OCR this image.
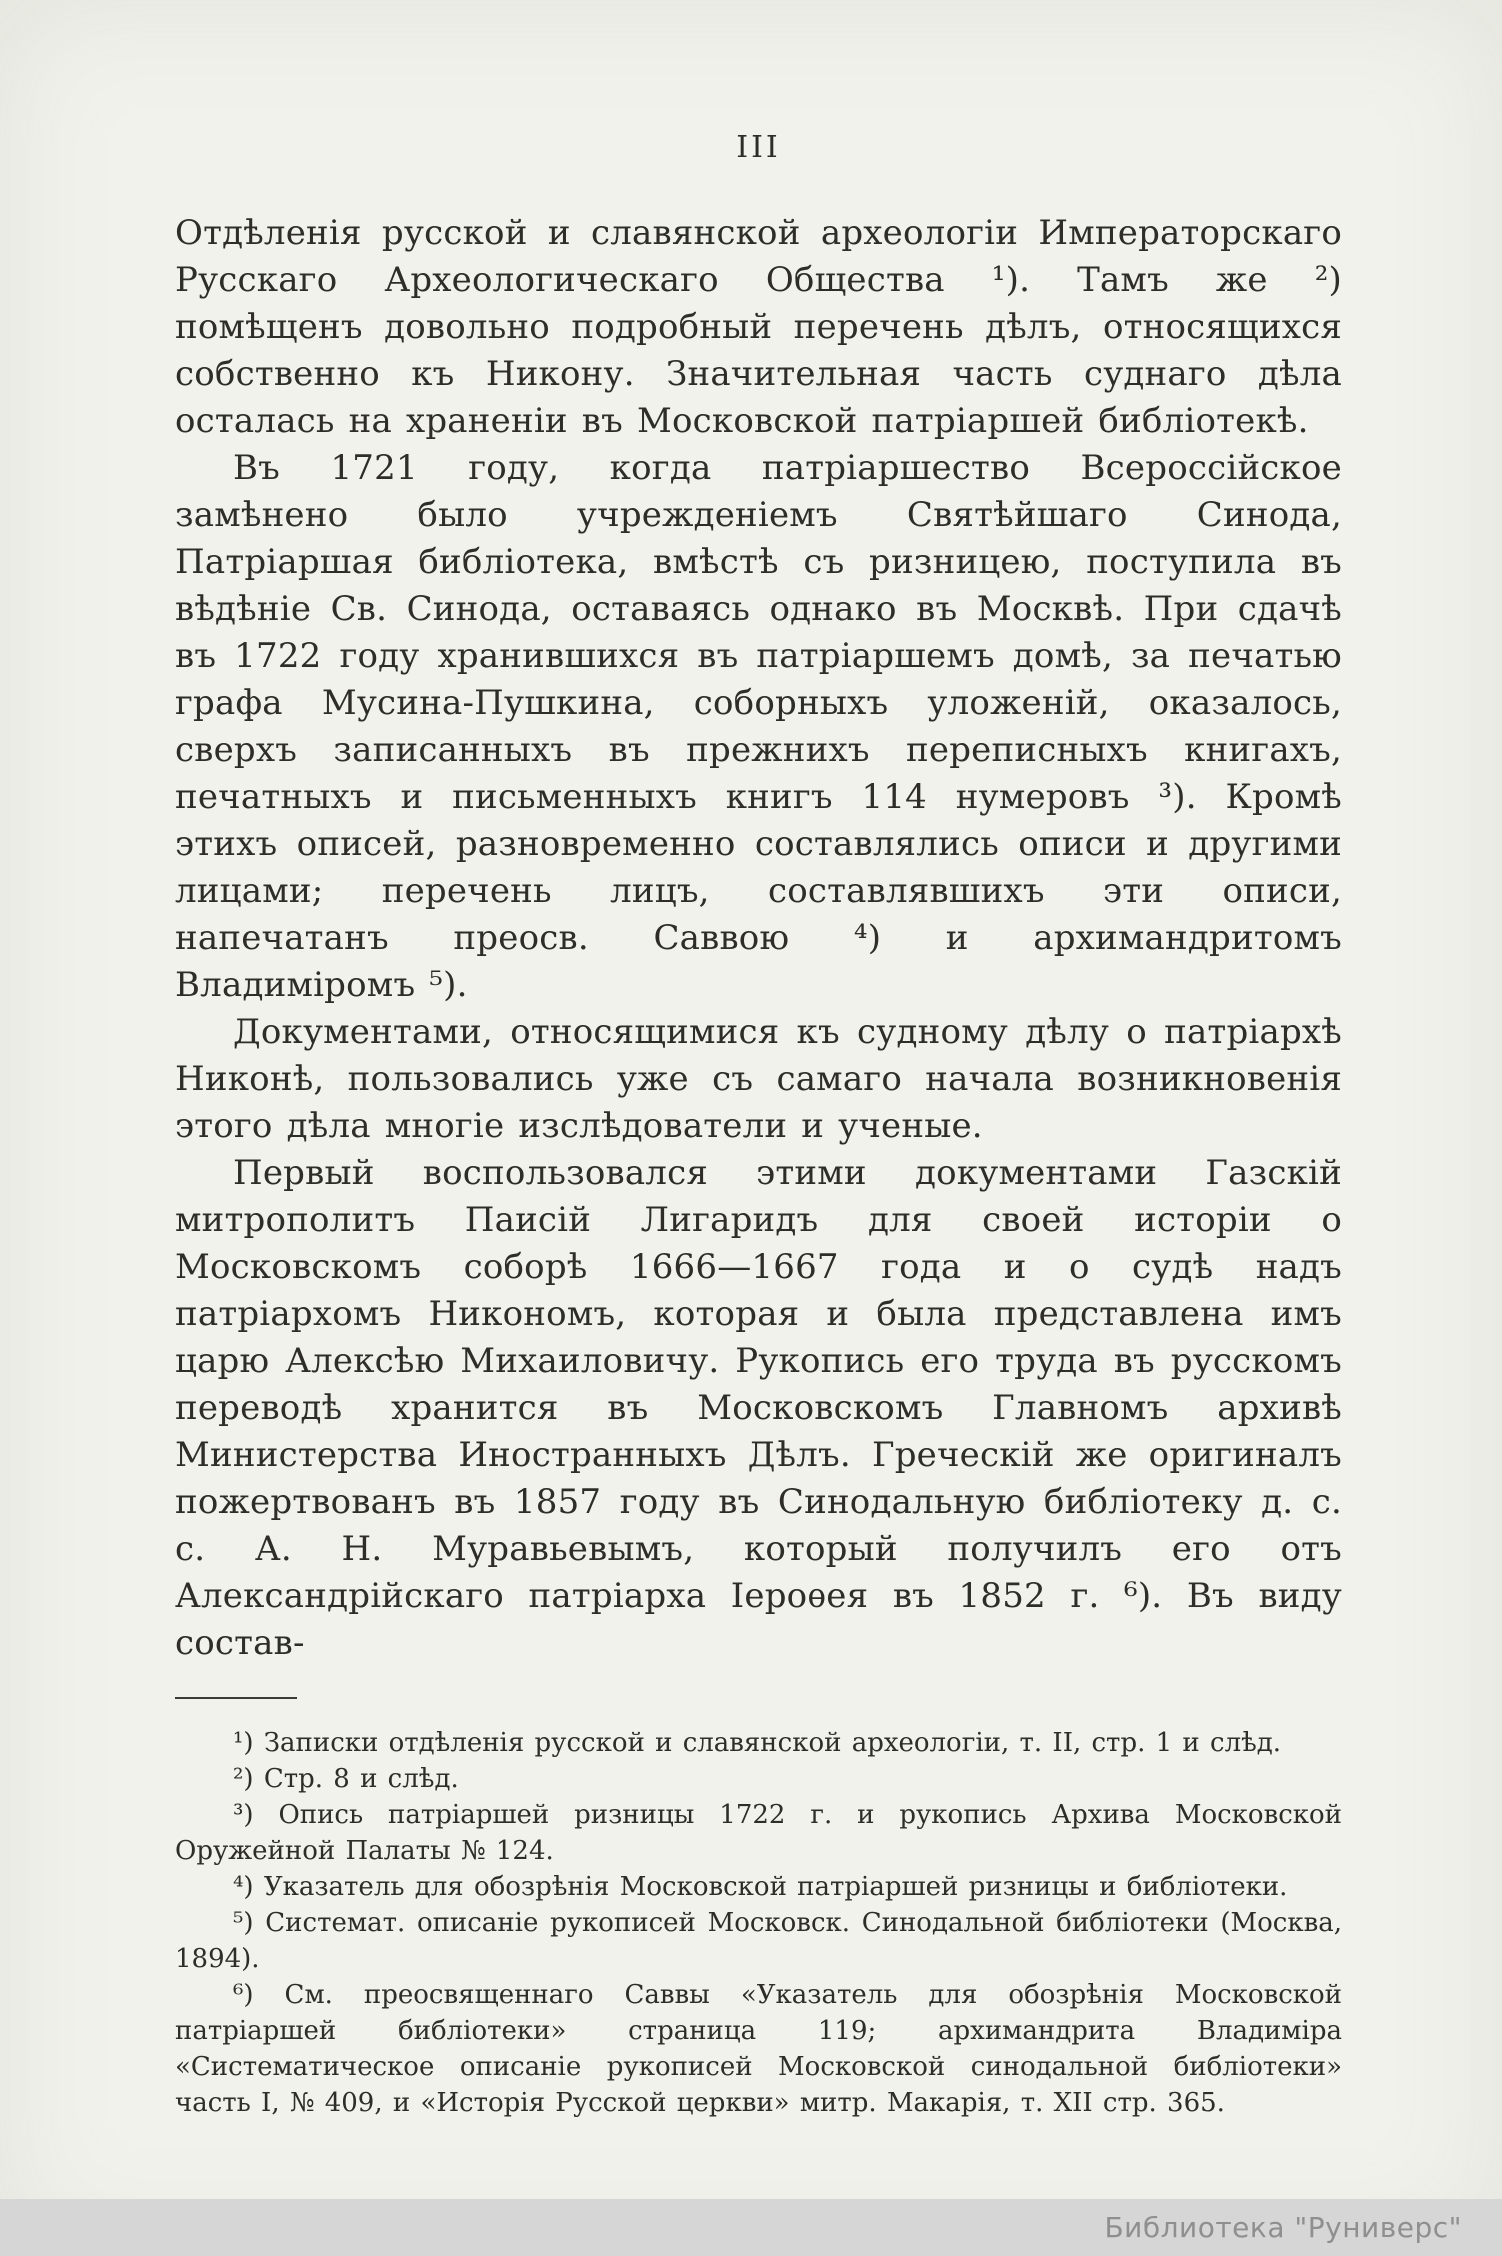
III

Отдѣленія русской и славянской археологіи Императорскаго Русскаго Археологическаго Общества ¹). Тамъ же ²) помѣщенъ довольно подробный перечень дѣлъ, относящихся собственно къ Никону. Значительная часть суднаго дѣла осталась на храненіи въ Московской патріаршей библіотекѣ.

Въ 1721 году, когда патріаршество Всероссійское замѣнено было учрежденіемъ Святѣйшаго Синода, Патріаршая библіотека, вмѣстѣ съ ризницею, поступила въ вѣдѣніе Св. Синода, оставаясь однако въ Москвѣ. При сдачѣ въ 1722 году хранившихся въ патріаршемъ домѣ, за печатью графа Мусина-Пушкина, соборныхъ уложеній, оказалось, сверхъ записанныхъ въ прежнихъ переписныхъ книгахъ, печатныхъ и письменныхъ книгъ 114 нумеровъ ³). Кромѣ этихъ описей, разновременно составлялись описи и другими лицами; перечень лицъ, составлявшихъ эти описи, напечатанъ преосв. Саввою ⁴) и архимандритомъ Владиміромъ ⁵).

Документами, относящимися къ судному дѣлу о патріархѣ Никонѣ, пользовались уже съ самаго начала возникновенія этого дѣла многіе изслѣдователи и ученые.

Первый воспользовался этими документами Газскій митрополитъ Паисій Лигаридъ для своей исторіи о Московскомъ соборѣ 1666—1667 года и о судѣ надъ патріархомъ Никономъ, которая и была представлена имъ царю Алексѣю Михаиловичу. Рукопись его труда въ русскомъ переводѣ хранится въ Московскомъ Главномъ архивѣ Министерства Иностранныхъ Дѣлъ. Греческій же оригиналъ пожертвованъ въ 1857 году въ Синодальную библіотеку д. с. с. А. Н. Муравьевымъ, который получилъ его отъ Александрійскаго патріарха Іероѳея въ 1852 г. ⁶). Въ виду состав-

¹) Записки отдѣленія русской и славянской археологіи, т. II, стр. 1 и слѣд.

²) Стр. 8 и слѣд.

³) Опись патріаршей ризницы 1722 г. и рукопись Архива Московской Оружейной Палаты № 124.

⁴) Указатель для обозрѣнія Московской патріаршей ризницы и библіотеки.

⁵) Системат. описаніе рукописей Московск. Синодальной библіотеки (Москва, 1894).

⁶) См. преосвященнаго Саввы «Указатель для обозрѣнія Московской патріаршей библіотеки» страница 119; архимандрита Владиміра «Систематическое описаніе рукописей Московской синодальной библіотеки» часть I, № 409, и «Исторія Русской церкви» митр. Макарія, т. XII стр. 365.

Библиотека "Руниверс"
